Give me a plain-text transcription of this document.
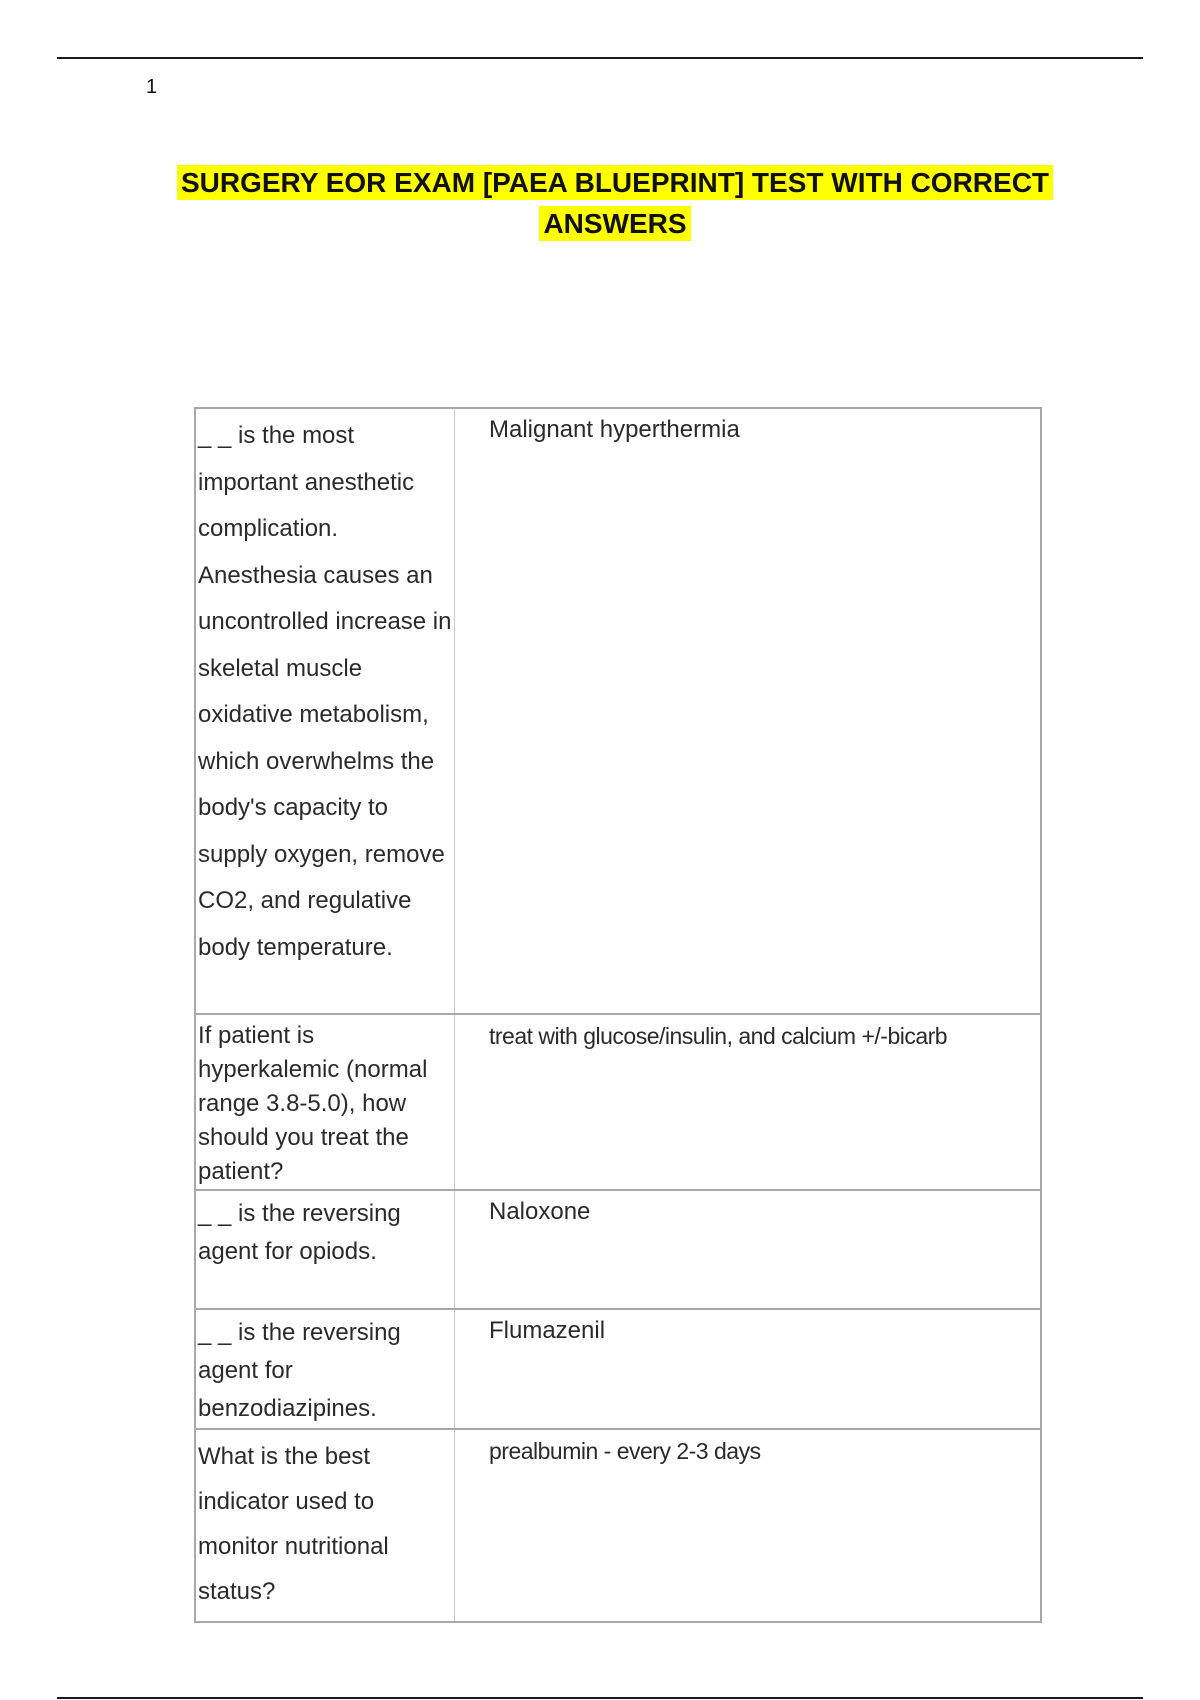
1
SURGERY EOR EXAM [PAEA BLUEPRINT] TEST WITH CORRECT
ANSWERS
_ _ is the most important anesthetic complication. Anesthesia causes an uncontrolled increase in skeletal muscle oxidative metabolism, which overwhelms the body's capacity to supply oxygen, remove CO2, and regulative body temperature.	Malignant hyperthermia

If patient is hyperkalemic (normal range 3.8-5.0), how should you treat the patient?	treat with glucose/insulin, and calcium +/-bicarb

_ _ is the reversing agent for opiods.	Naloxone

_ _ is the reversing agent for benzodiazipines.	Flumazenil

What is the best indicator used to monitor nutritional status?	prealbumin - every 2-3 days
